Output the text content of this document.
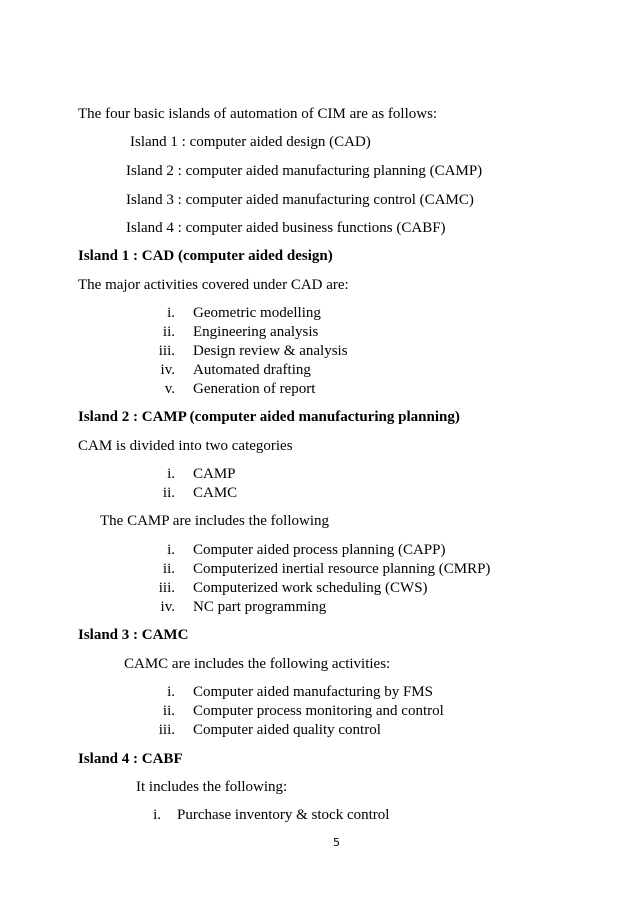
The four basic islands of automation of CIM are as follows:
Island 1 : computer aided design (CAD)
Island 2 : computer aided manufacturing planning (CAMP)
Island 3 : computer aided manufacturing control (CAMC)
Island 4 : computer aided business functions (CABF)
Island 1 : CAD (computer aided design)
The major activities covered under CAD are:
i. Geometric modelling
ii. Engineering analysis
iii. Design review & analysis
iv. Automated drafting
v. Generation of report
Island 2 : CAMP (computer aided manufacturing planning)
CAM is divided into two categories
i. CAMP
ii. CAMC
The CAMP are includes the following
i. Computer aided process planning (CAPP)
ii. Computerized inertial resource planning (CMRP)
iii. Computerized work scheduling (CWS)
iv. NC part programming
Island 3 : CAMC
CAMC are includes the following activities:
i. Computer aided manufacturing by FMS
ii. Computer process monitoring and control
iii. Computer aided quality control
Island 4 : CABF
It includes the following:
i. Purchase inventory & stock control
5
